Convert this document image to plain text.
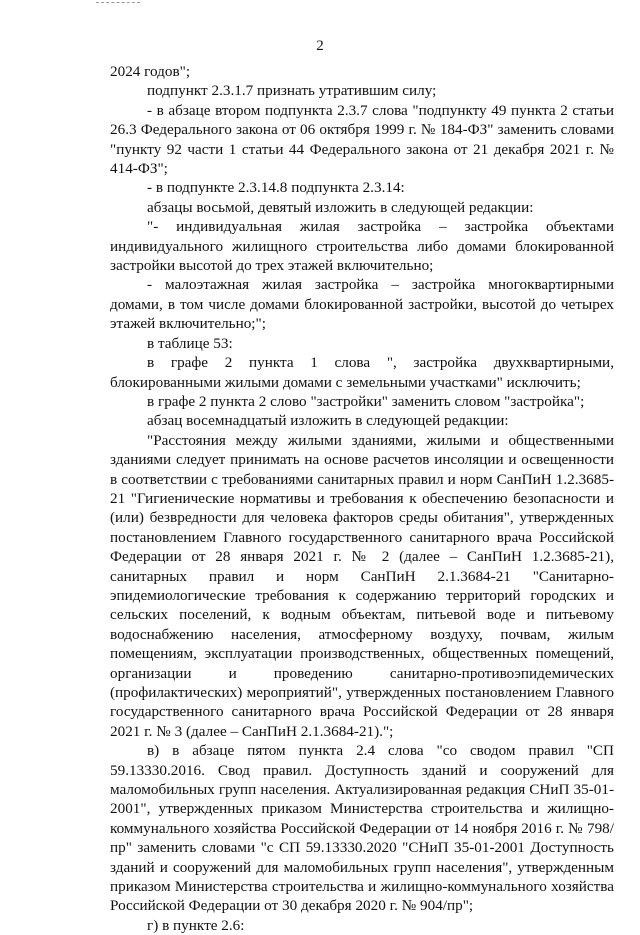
2

2024 годов";

подпункт 2.3.1.7 признать утратившим силу;

- в абзаце втором подпункта 2.3.7 слова "подпункту 49 пункта 2 статьи 26.3 Федерального закона от 06 октября 1999 г. № 184-ФЗ" заменить словами "пункту 92 части 1 статьи 44 Федерального закона от 21 декабря 2021 г. № 414-ФЗ";

- в подпункте 2.3.14.8 подпункта 2.3.14:

абзацы восьмой, девятый изложить в следующей редакции:

"- индивидуальная жилая застройка – застройка объектами индивидуального жилищного строительства либо домами блокированной застройки высотой до трех этажей включительно;

- малоэтажная жилая застройка – застройка многоквартирными домами, в том числе домами блокированной застройки, высотой до четырех этажей включительно;";

в таблице 53:

в графе 2 пункта 1 слова ", застройка двухквартирными, блокированными жилыми домами с земельными участками" исключить;

в графе 2 пункта 2 слово "застройки" заменить словом "застройка";

абзац восемнадцатый изложить в следующей редакции:

"Расстояния между жилыми зданиями, жилыми и общественными зданиями следует принимать на основе расчетов инсоляции и освещенности в соответствии с требованиями санитарных правил и норм СанПиН 1.2.3685-21 "Гигиенические нормативы и требования к обеспечению безопасности и (или) безвредности для человека факторов среды обитания", утвержденных постановлением Главного государственного санитарного врача Российской Федерации от 28 января 2021 г. № 2 (далее – СанПиН 1.2.3685-21), санитарных правил и норм СанПиН 2.1.3684-21 "Санитарно-эпидемиологические требования к содержанию территорий городских и сельских поселений, к водным объектам, питьевой воде и питьевому водоснабжению населения, атмосферному воздуху, почвам, жилым помещениям, эксплуатации производственных, общественных помещений, организации и проведению санитарно-противоэпидемических (профилактических) мероприятий", утвержденных постановлением Главного государственного санитарного врача Российской Федерации от 28 января 2021 г. № 3 (далее – СанПиН 2.1.3684-21).";

в) в абзаце пятом пункта 2.4 слова "со сводом правил "СП 59.13330.2016. Свод правил. Доступность зданий и сооружений для маломобильных групп населения. Актуализированная редакция СНиП 35-01-2001", утвержденных приказом Министерства строительства и жилищно-коммунального хозяйства Российской Федерации от 14 ноября 2016 г. № 798/пр" заменить словами "с СП 59.13330.2020 "СНиП 35-01-2001 Доступность зданий и сооружений для маломобильных групп населения", утвержденным приказом Министерства строительства и жилищно-коммунального хозяйства Российской Федерации от 30 декабря 2020 г. № 904/пр";

г) в пункте 2.6:
